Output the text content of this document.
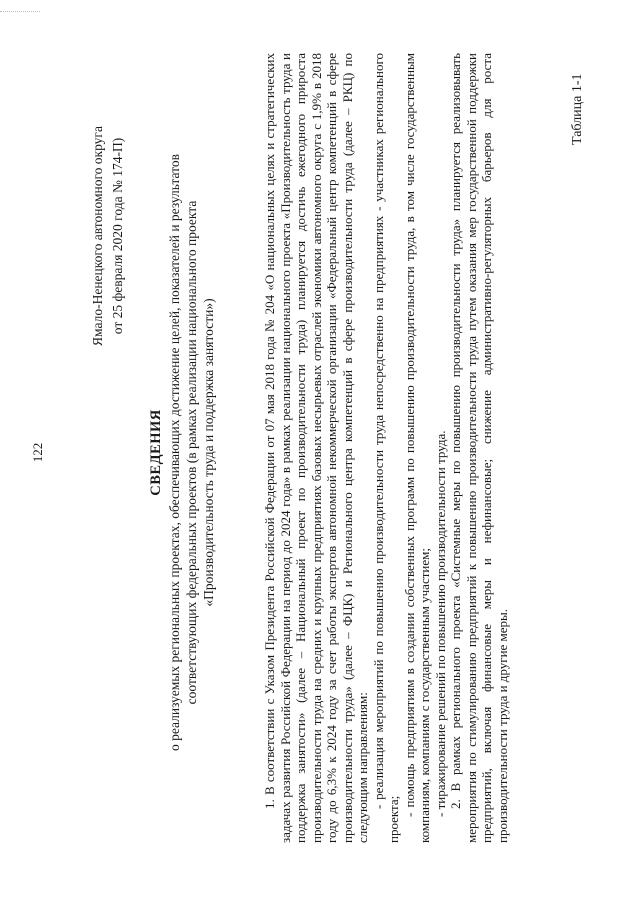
122
Ямало-Ненецкого автономного округа от 25 февраля 2020 года № 174-П)
СВЕДЕНИЯ о реализуемых региональных проектах, обеспечивающих достижение целей, показателей и результатов соответствующих федеральных проектов (в рамках реализации национального проекта «Производительность труда и поддержка занятости»)	1. В соответствии с Указом Президента Российской Федерации от 07 мая 2018 года № 204 «О национальных целях и стратегических задачах развития Российской Федерации на период до 2024 года» в рамках реализации национального проекта «Производительность труда и поддержка занятости» (далее – Национальный проект по производительности труда) планируется достичь ежегодного прироста производительности труда на средних и крупных предприятиях базовых несырьевых отраслей экономики автономного округа с 1,9% в 2018 году до 6,3% к 2024 году за счет работы экспертов автономной некоммерческой организации «Федеральный центр компетенций в сфере производительности труда» (далее – ФЦК) и Регионального центра компетенций в сфере производительности труда (далее – РКЦ) по следующим направлениям: - реализация мероприятий по повышению производительности труда непосредственно на предприятиях - участниках регионального проекта;

- помощь предприятиям в создании собственных программ по повышению производительности труда, в том числе государственным компаниям, компаниям с государственным участием; - тиражирование решений по повышению производительности труда. 2. В рамках регионального проекта «Системные меры по повышению производительности труда» планируется реализовывать мероприятия по стимулированию предприятий к повышению производительности труда путем оказания мер государственной поддержки предприятий, включая финансовые меры и нефинансовые; снижение административно-регуляторных барьеров для роста производительности труда и другие меры.

Таблица 1-1
